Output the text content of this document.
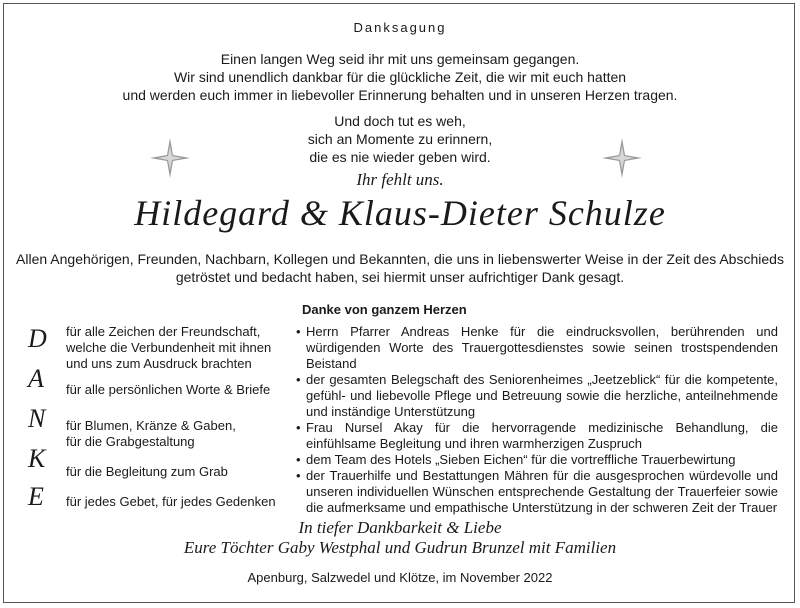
Danksagung
Einen langen Weg seid ihr mit uns gemeinsam gegangen.
Wir sind unendlich dankbar für die glückliche Zeit, die wir mit euch hatten
und werden euch immer in liebevoller Erinnerung behalten und in unseren Herzen tragen.
Und doch tut es weh,
sich an Momente zu erinnern,
die es nie wieder geben wird.
Ihr fehlt uns.
Hildegard & Klaus-Dieter Schulze
Allen Angehörigen, Freunden, Nachbarn, Kollegen und Bekannten, die uns in liebenswerter Weise in der Zeit des Abschieds
getröstet und bedacht haben, sei hiermit unser aufrichtiger Dank gesagt.
Danke von ganzem Herzen
D
A
N
K
E
für alle Zeichen der Freundschaft,
welche die Verbundenheit mit ihnen
und uns zum Ausdruck brachten
für alle persönlichen Worte & Briefe
für Blumen, Kränze & Gaben,
für die Grabgestaltung
für die Begleitung zum Grab
für jedes Gebet, für jedes Gedenken
• Herrn Pfarrer Andreas Henke für die eindrucksvollen, berührenden und würdigenden Worte des Trauergottesdienstes sowie seinen trostspendenden Beistand
• der gesamten Belegschaft des Seniorenheimes „Jeetzeblick“ für die kompetente, gefühl- und liebevolle Pflege und Betreuung sowie die herzliche, anteilnehmende und inständige Unterstützung
• Frau Nursel Akay für die hervorragende medizinische Behandlung, die einfühlsame Begleitung und ihren warmherzigen Zuspruch
• dem Team des Hotels „Sieben Eichen“ für die vortreffliche Trauerbewirtung
• der Trauerhilfe und Bestattungen Mähren für die ausgesprochen würdevolle und unseren individuellen Wünschen entsprechende Gestaltung der Trauerfeier sowie die aufmerksame und empathische Unterstützung in der schweren Zeit der Trauer
In tiefer Dankbarkeit & Liebe
Eure Töchter Gaby Westphal und Gudrun Brunzel mit Familien
Apenburg, Salzwedel und Klötze, im November 2022
